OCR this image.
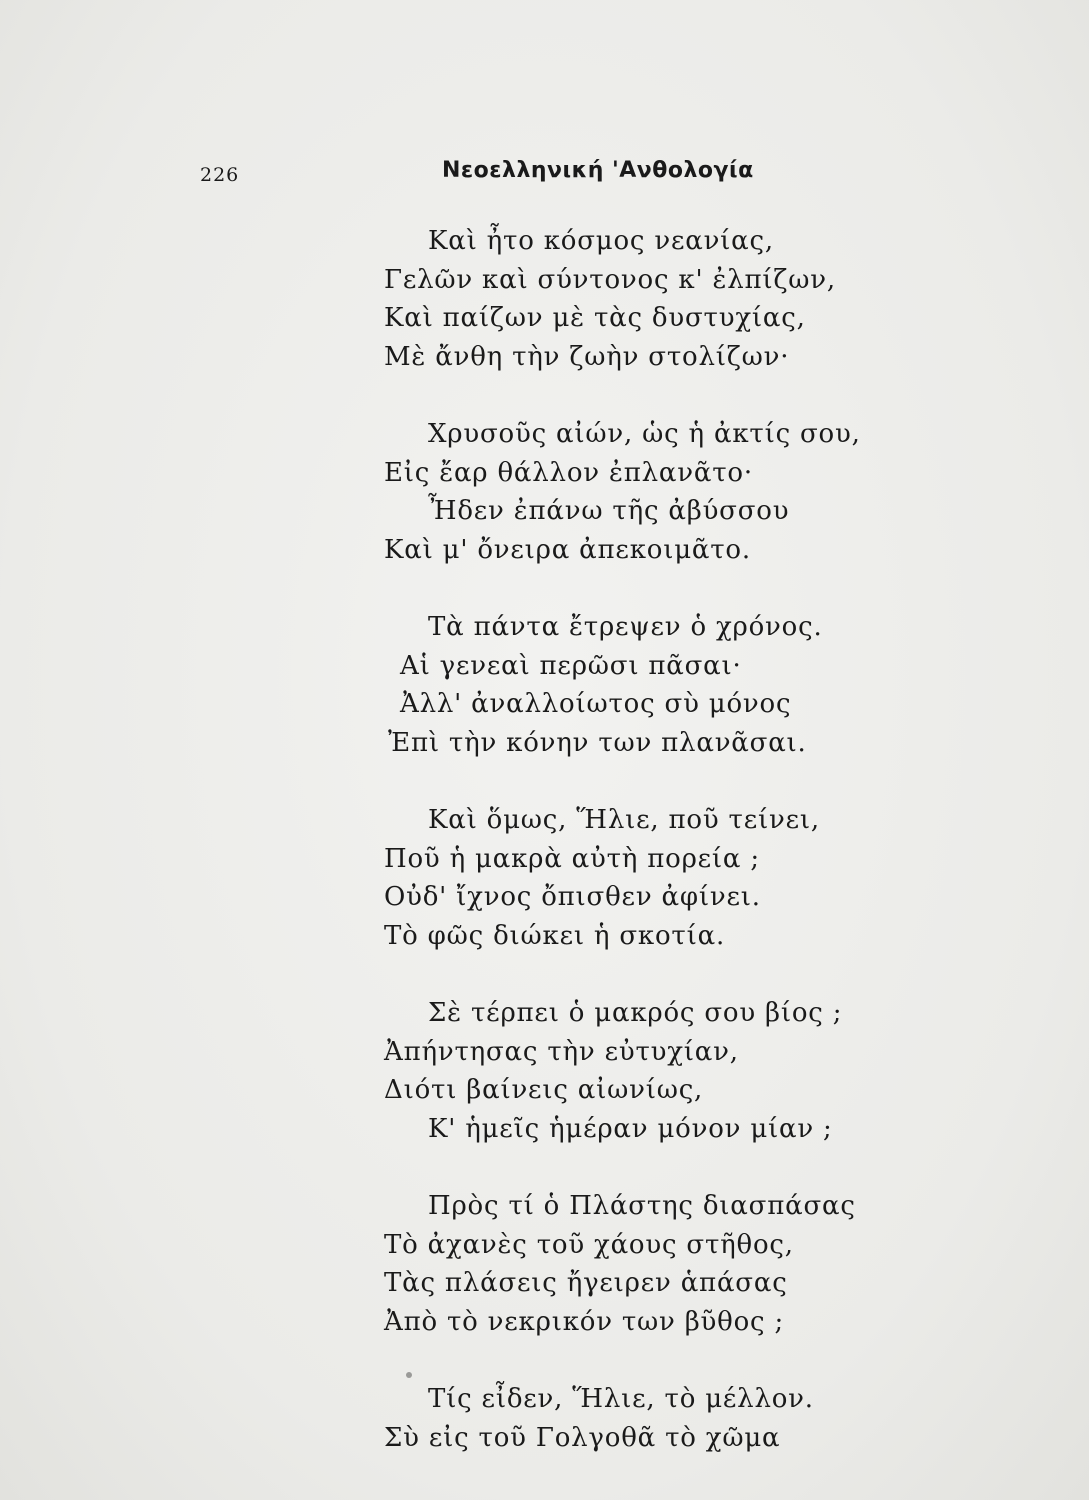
226	Νεοελληνική 'Ανθολογία
Καὶ ἦτο κόσμος νεανίας,
Γελῶν καὶ σύντονος κ' ἐλπίζων,
Καὶ παίζων μὲ τὰς δυστυχίας,
Μὲ ἄνθη τὴν ζωὴν στολίζων·
Χρυσοῦς αἰών, ὡς ἡ ἀκτίς σου,
Εἰς ἔαρ θάλλον ἐπλανᾶτο·
Ἦδεν ἐπάνω τῆς ἀβύσσου
Καὶ μ' ὄνειρα ἀπεκοιμᾶτο.
Τὰ πάντα ἔτρεψεν ὁ χρόνος.
Αἱ γενεαὶ περῶσι πᾶσαι·
Ἀλλ' ἀναλλοίωτος σὺ μόνος
Ἐπὶ τὴν κόνην των πλανᾶσαι.
Καὶ ὅμως, Ἥλιε, ποῦ τείνει,
Ποῦ ἡ μακρὰ αὐτὴ πορεία ;
Οὐδ' ἴχνος ὄπισθεν ἀφίνει.
Τὸ φῶς διώκει ἡ σκοτία.
Σὲ τέρπει ὁ μακρός σου βίος ;
Ἀπήντησας τὴν εὐτυχίαν,
Διότι βαίνεις αἰωνίως,
Κ' ἡμεῖς ἡμέραν μόνον μίαν ;
Πρὸς τί ὁ Πλάστης διασπάσας
Τὸ ἀχανὲς τοῦ χάους στῆθος,
Τὰς πλάσεις ἤγειρεν ἁπάσας
Ἀπὸ τὸ νεκρικόν των βῦθος ;
Τίς εἶδεν, Ἥλιε, τὸ μέλλον.
Σὺ εἰς τοῦ Γολγοθᾶ τὸ χῶμα
